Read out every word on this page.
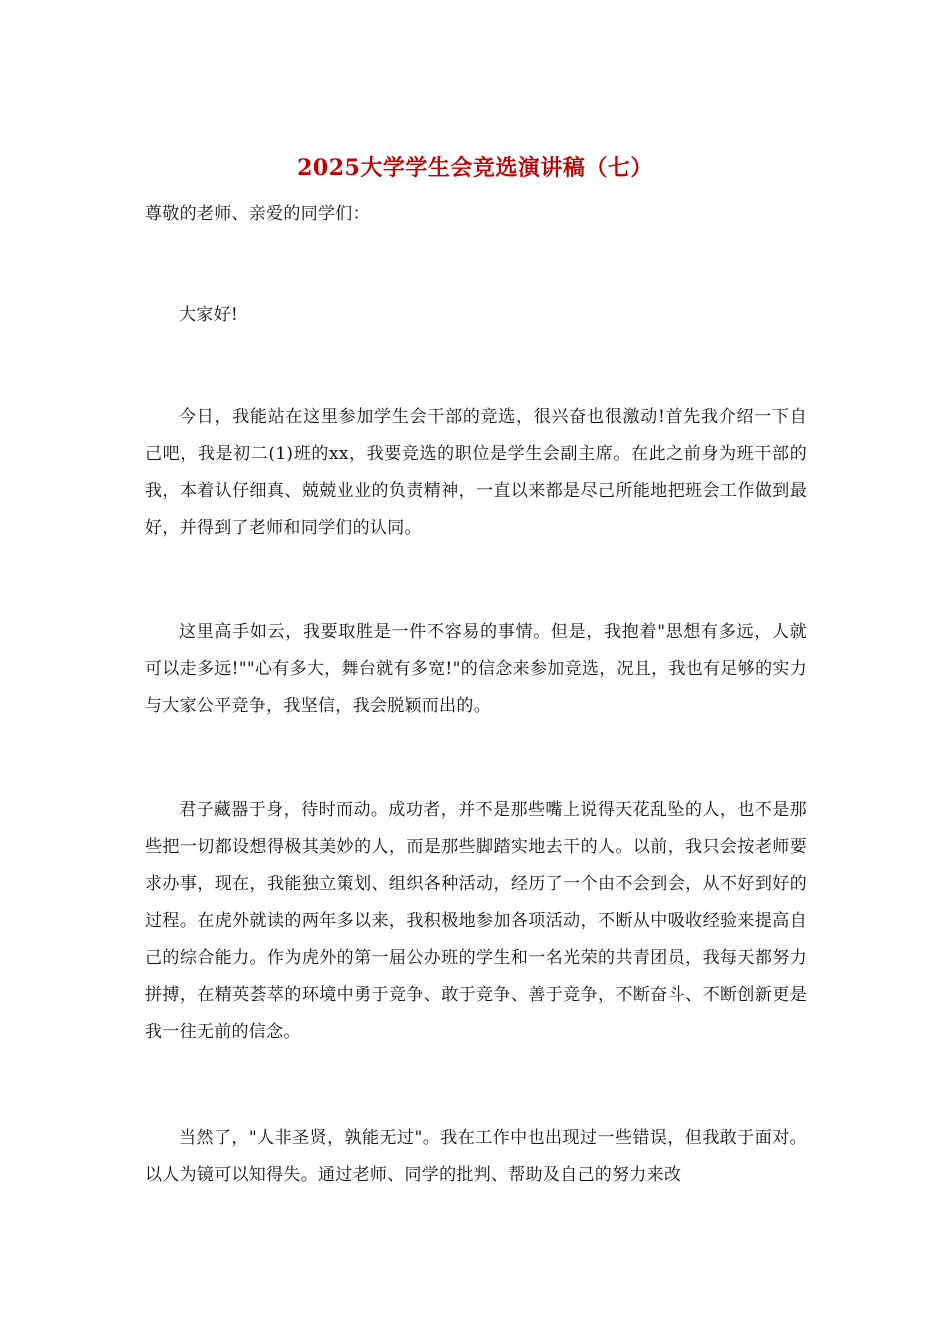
2025大学学生会竞选演讲稿（七）
尊敬的老师、亲爱的同学们：
大家好!
今日，我能站在这里参加学生会干部的竞选，很兴奋也很激动!首先我介绍一下自己吧，我是初二(1)班的xx，我要竞选的职位是学生会副主席。在此之前身为班干部的我，本着认仔细真、兢兢业业的负责精神，一直以来都是尽己所能地把班会工作做到最好，并得到了老师和同学们的认同。
这里高手如云，我要取胜是一件不容易的事情。但是，我抱着"思想有多远，人就可以走多远!""心有多大，舞台就有多宽!"的信念来参加竞选，况且，我也有足够的实力与大家公平竞争，我坚信，我会脱颖而出的。
君子藏器于身，待时而动。成功者，并不是那些嘴上说得天花乱坠的人，也不是那些把一切都设想得极其美妙的人，而是那些脚踏实地去干的人。以前，我只会按老师要求办事，现在，我能独立策划、组织各种活动，经历了一个由不会到会，从不好到好的过程。在虎外就读的两年多以来，我积极地参加各项活动，不断从中吸收经验来提高自己的综合能力。作为虎外的第一届公办班的学生和一名光荣的共青团员，我每天都努力拼搏，在精英荟萃的环境中勇于竞争、敢于竞争、善于竞争，不断奋斗、不断创新更是我一往无前的信念。
当然了，"人非圣贤，孰能无过"。我在工作中也出现过一些错误，但我敢于面对。以人为镜可以知得失。通过老师、同学的批判、帮助及自己的努力来改
